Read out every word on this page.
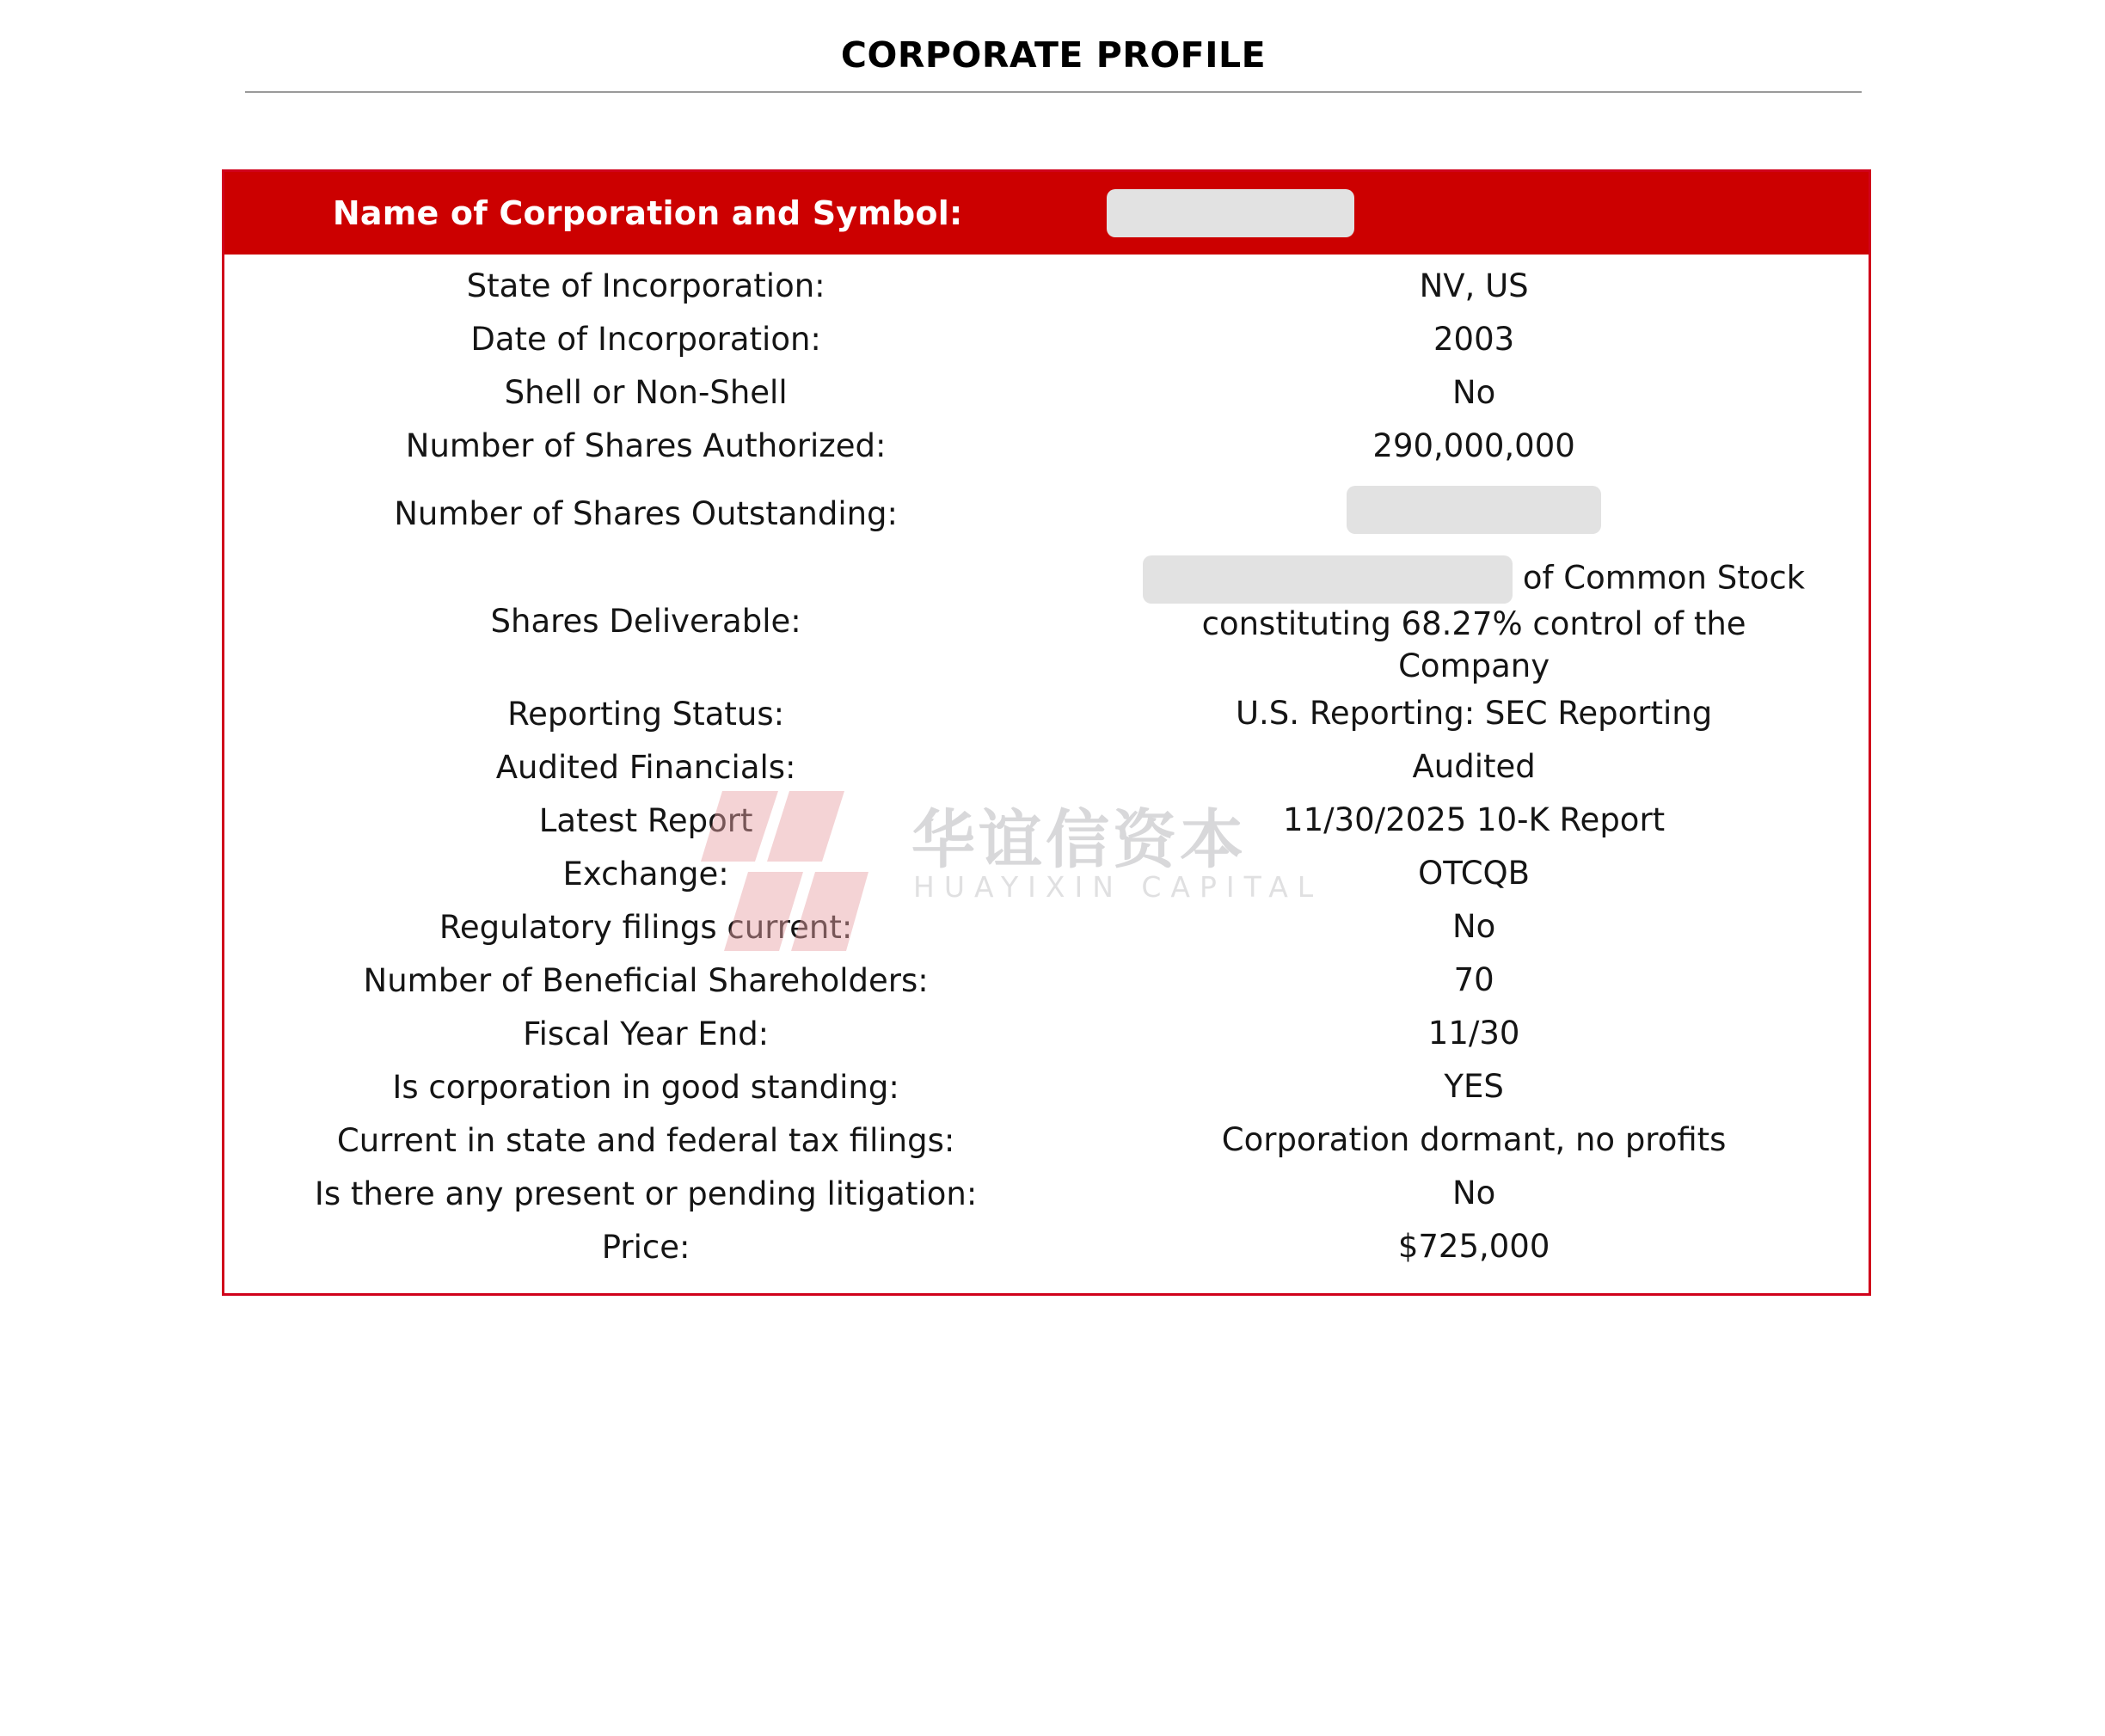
CORPORATE PROFILE
Name of Corporation and Symbol:
State of Incorporation:	NV, US
Date of Incorporation:	2003
Shell or Non-Shell	No
Number of Shares Authorized:	290,000,000
Number of Shares Outstanding:
Shares Deliverable:
of Common Stock
constituting 68.27% control of the
Company
Reporting Status:	U.S. Reporting: SEC Reporting
Audited Financials:	Audited
Latest Report	11/30/2025 10-K Report
Exchange:	OTCQB
Regulatory filings current:	No
Number of Beneficial Shareholders:	70
Fiscal Year End:	11/30
Is corporation in good standing:	YES
Current in state and federal tax filings:	Corporation dormant, no profits
Is there any present or pending litigation:	No
Price:	$725,000
华谊信资本
HUAYIXIN CAPITAL
